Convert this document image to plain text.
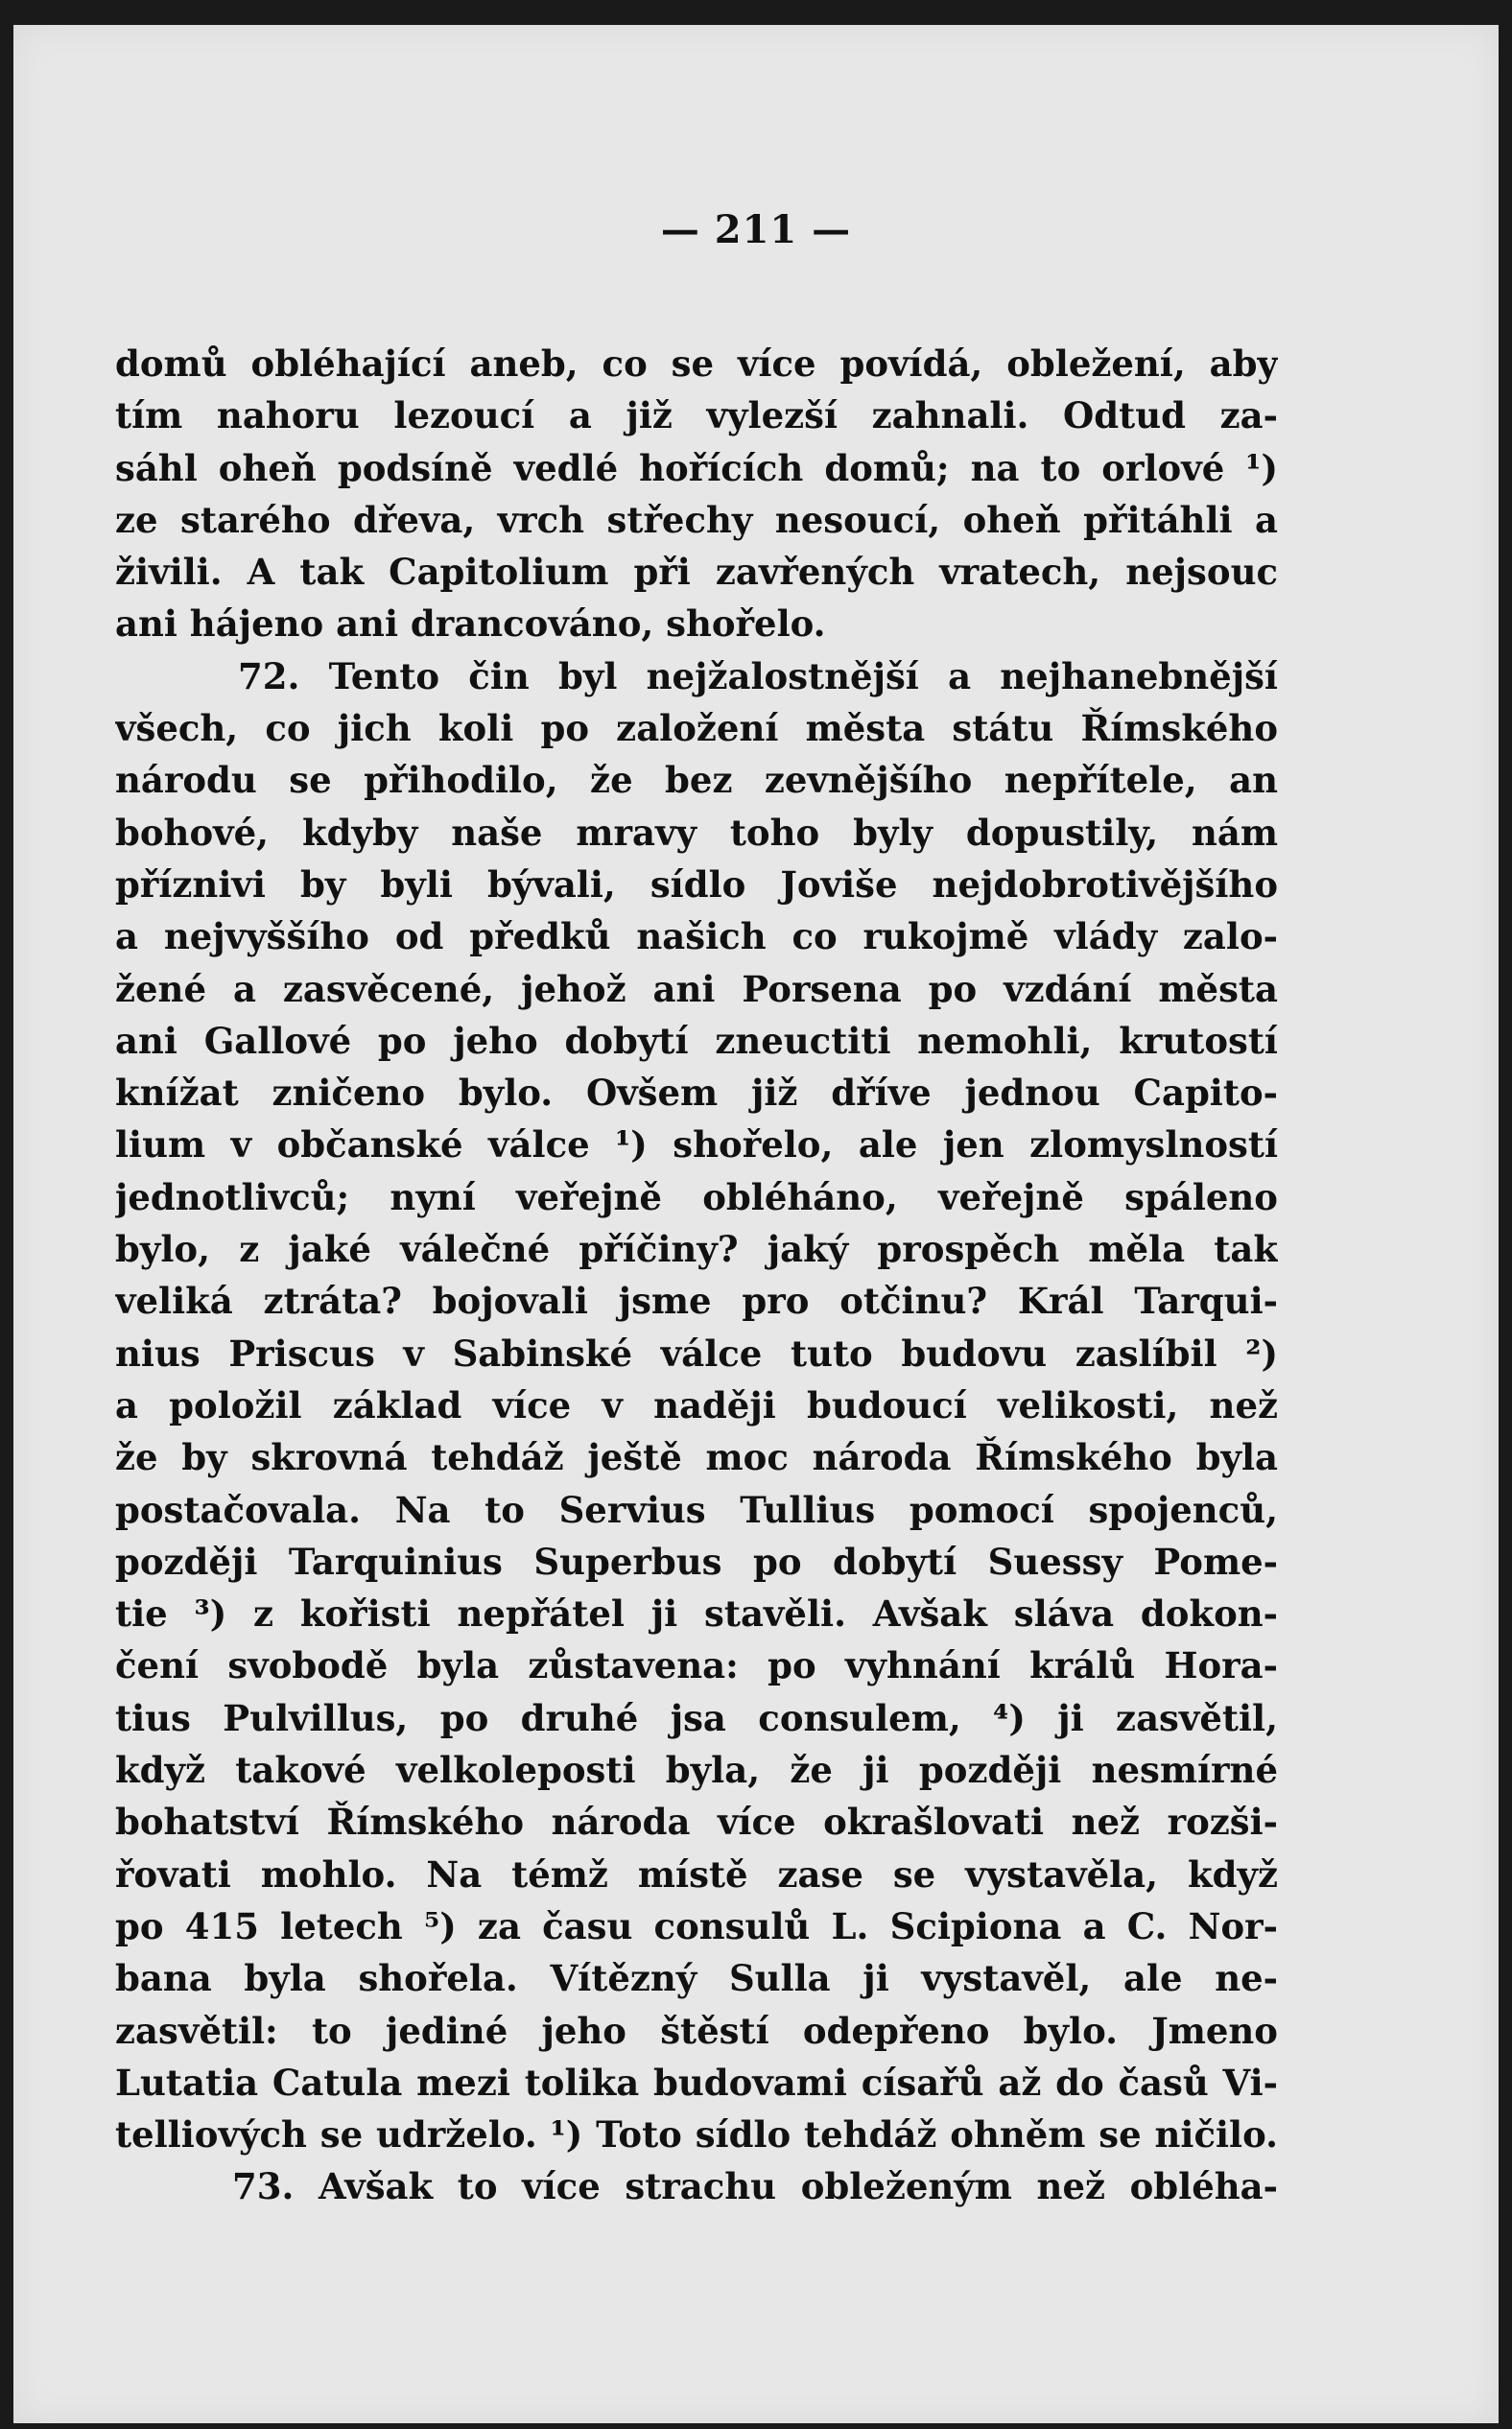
— 211 —
domů obléhající aneb, co se více povídá, obležení, aby
tím nahoru lezoucí a již vylezší zahnali. Odtud za-
sáhl oheň podsíně vedlé hořících domů; na to orlové ¹)
ze starého dřeva, vrch střechy nesoucí, oheň přitáhli a
živili. A tak Capitolium při zavřených vratech, nejsouc
ani hájeno ani drancováno, shořelo.
72. Tento čin byl nejžalostnější a nejhanebnější
všech, co jich koli po založení města státu Římského
národu se přihodilo, že bez zevnějšího nepřítele, an
bohové, kdyby naše mravy toho byly dopustily, nám
příznivi by byli bývali, sídlo Joviše nejdobrotivějšího
a nejvyššího od předků našich co rukojmě vlády zalo-
žené a zasvěcené, jehož ani Porsena po vzdání města
ani Gallové po jeho dobytí zneuctiti nemohli, krutostí
knížat zničeno bylo. Ovšem již dříve jednou Capito-
lium v občanské válce ¹) shořelo, ale jen zlomyslností
jednotlivců; nyní veřejně obléháno, veřejně spáleno
bylo, z jaké válečné příčiny? jaký prospěch měla tak
veliká ztráta? bojovali jsme pro otčinu? Král Tarqui-
nius Priscus v Sabinské válce tuto budovu zaslíbil ²)
a položil základ více v naději budoucí velikosti, než
že by skrovná tehdáž ještě moc národa Římského byla
postačovala. Na to Servius Tullius pomocí spojenců,
později Tarquinius Superbus po dobytí Suessy Pome-
tie ³) z kořisti nepřátel ji stavěli. Avšak sláva dokon-
čení svobodě byla zůstavena: po vyhnání králů Hora-
tius Pulvillus, po druhé jsa consulem, ⁴) ji zasvětil,
když takové velkoleposti byla, že ji později nesmírné
bohatství Římského národa více okrašlovati než rozši-
řovati mohlo. Na témž místě zase se vystavěla, když
po 415 letech ⁵) za času consulů L. Scipiona a C. Nor-
bana byla shořela. Vítězný Sulla ji vystavěl, ale ne-
zasvětil: to jediné jeho štěstí odepřeno bylo. Jmeno
Lutatia Catula mezi tolika budovami císařů až do časů Vi-
telliových se udrželo. ¹) Toto sídlo tehdáž ohněm se ničilo.
73. Avšak to více strachu obleženým než obléha-
